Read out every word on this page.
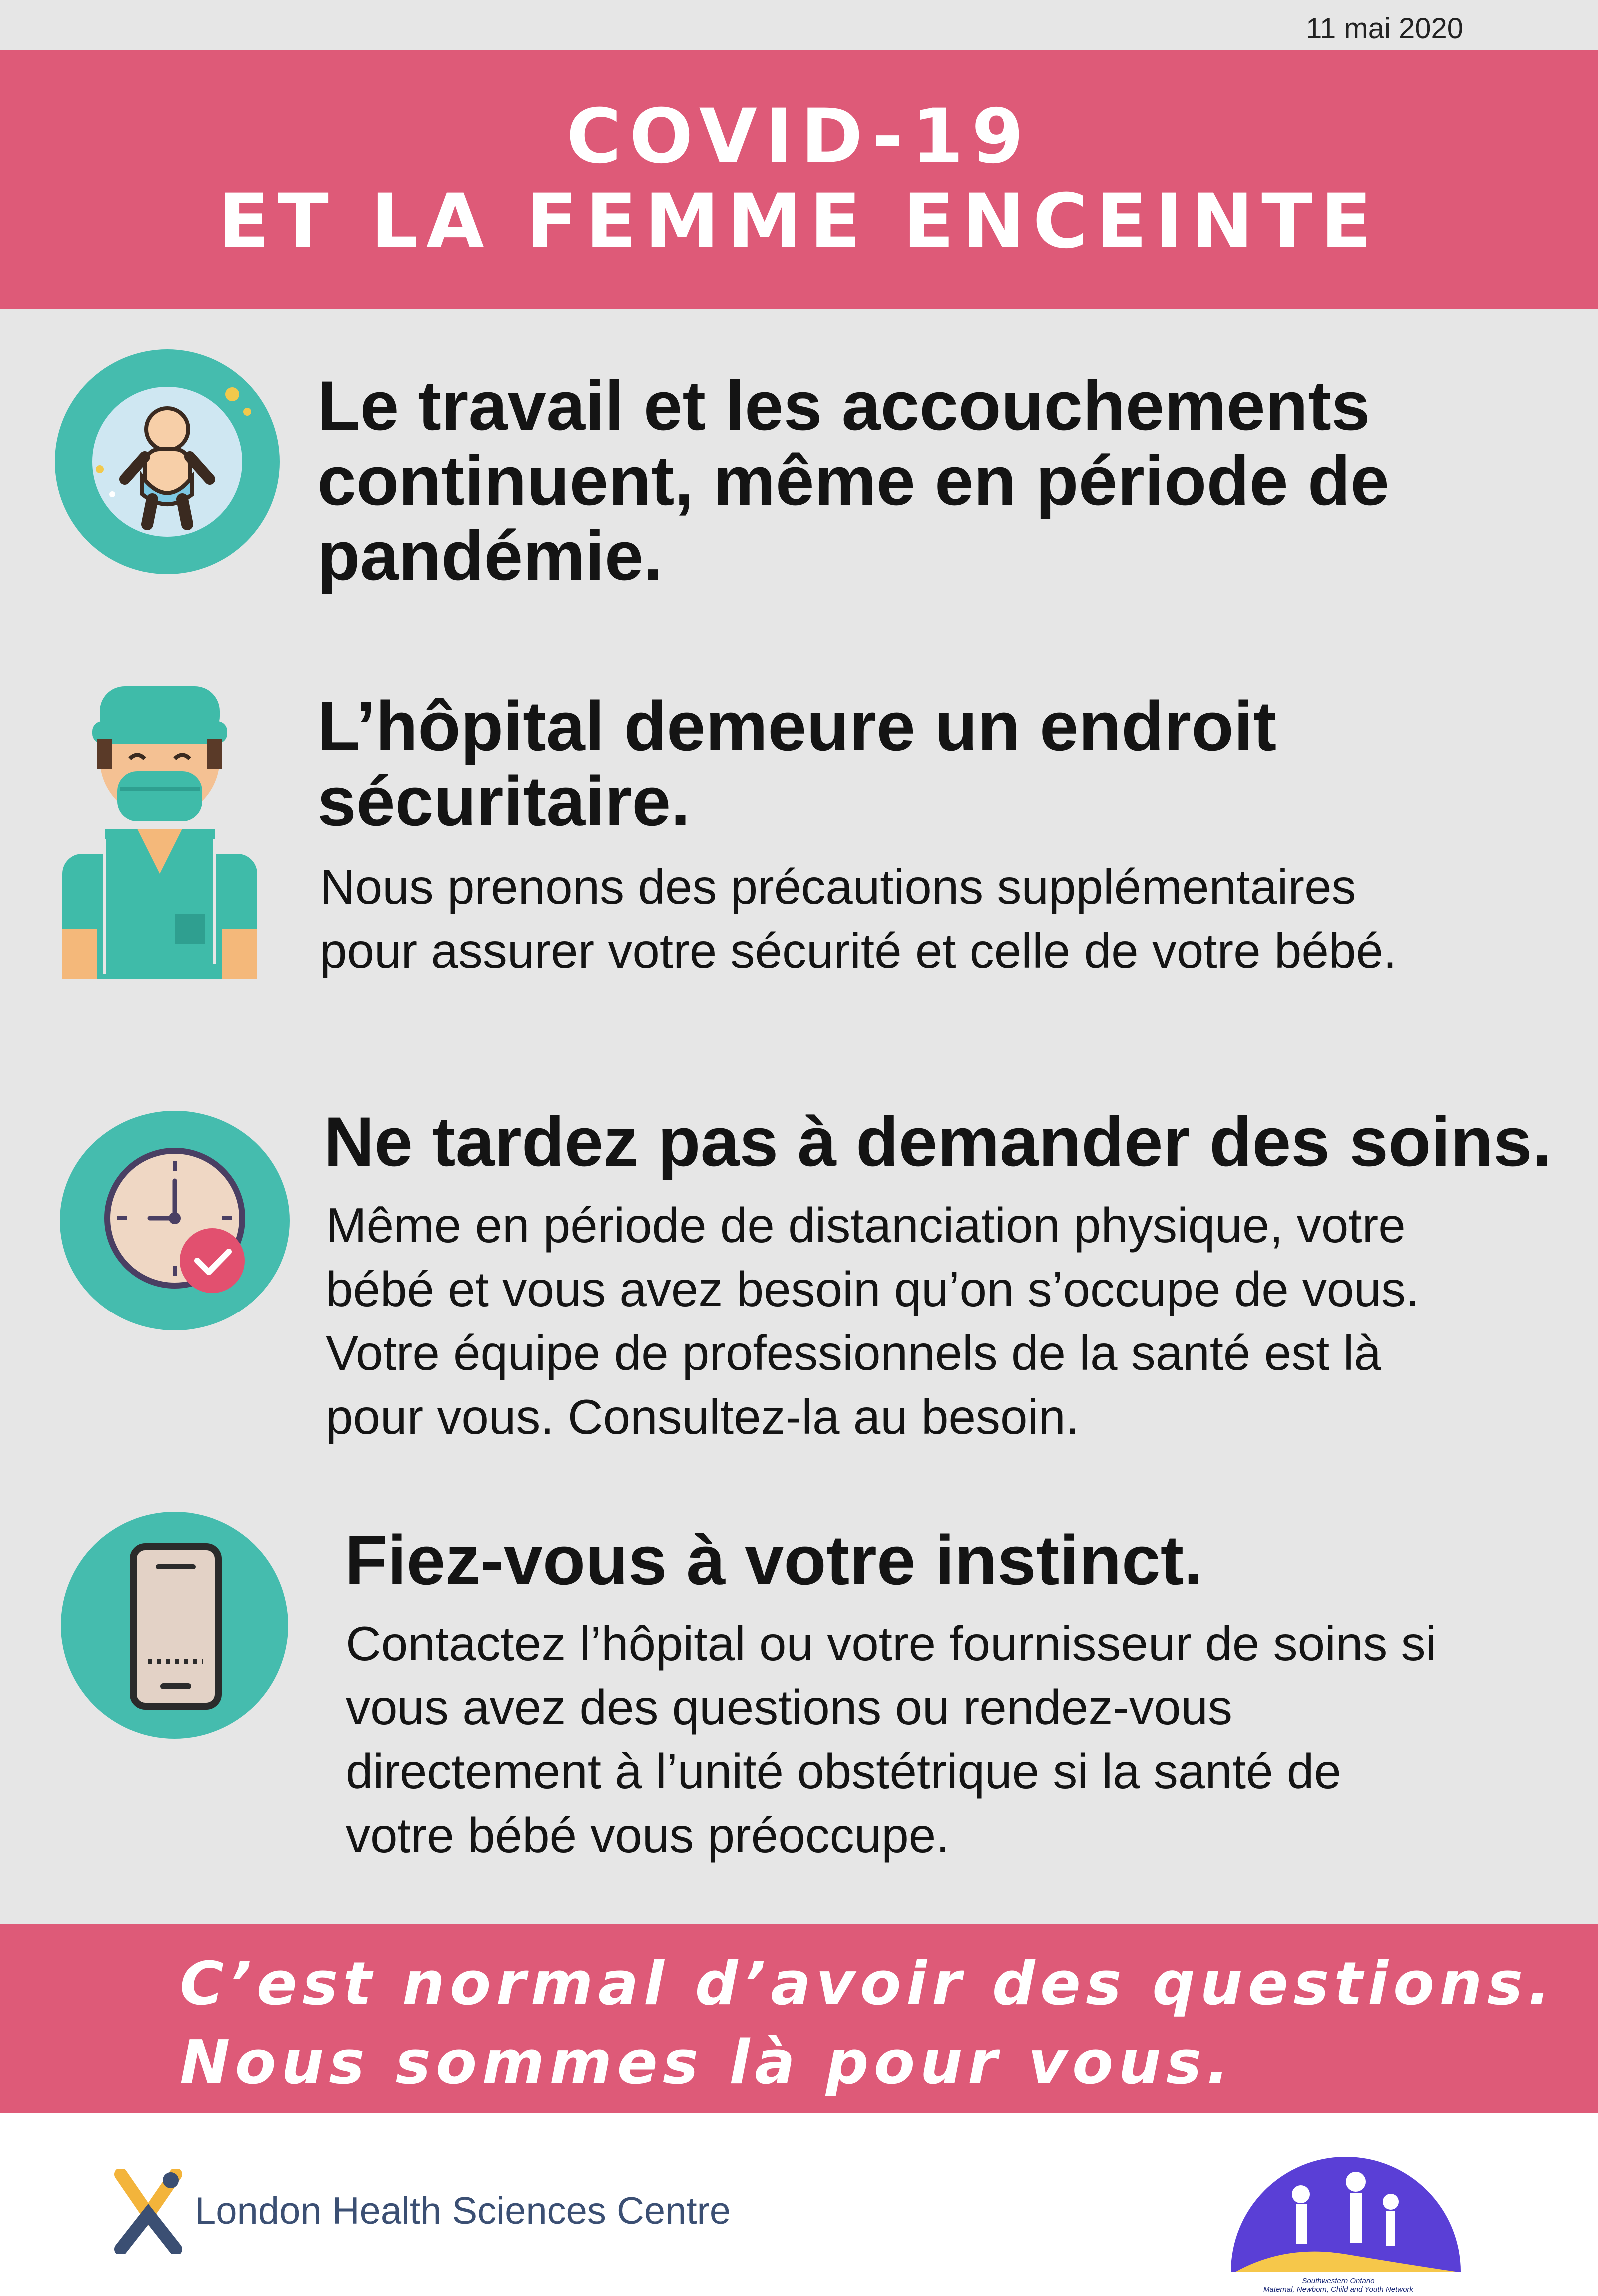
11 mai 2020
COVID-19
ET LA FEMME ENCEINTE
Le travail et les accouchements
continuent, même en période de
pandémie.
L’hôpital demeure un endroit
sécuritaire.
Nous prenons des précautions supplémentaires
pour assurer votre sécurité et celle de votre bébé.
Ne tardez pas à demander des soins.
Même en période de distanciation physique, votre
bébé et vous avez besoin qu’on s’occupe de vous.
Votre équipe de professionnels de la santé est là
pour vous. Consultez-la au besoin.
Fiez-vous à votre instinct.
Contactez l’hôpital ou votre fournisseur de soins si
vous avez des questions ou rendez-vous
directement à l’unité obstétrique si la santé de
votre bébé vous préoccupe.
C’est normal d’avoir des questions.
Nous sommes là pour vous.
London Health Sciences Centre
Southwestern Ontario
Maternal, Newborn, Child and Youth Network
